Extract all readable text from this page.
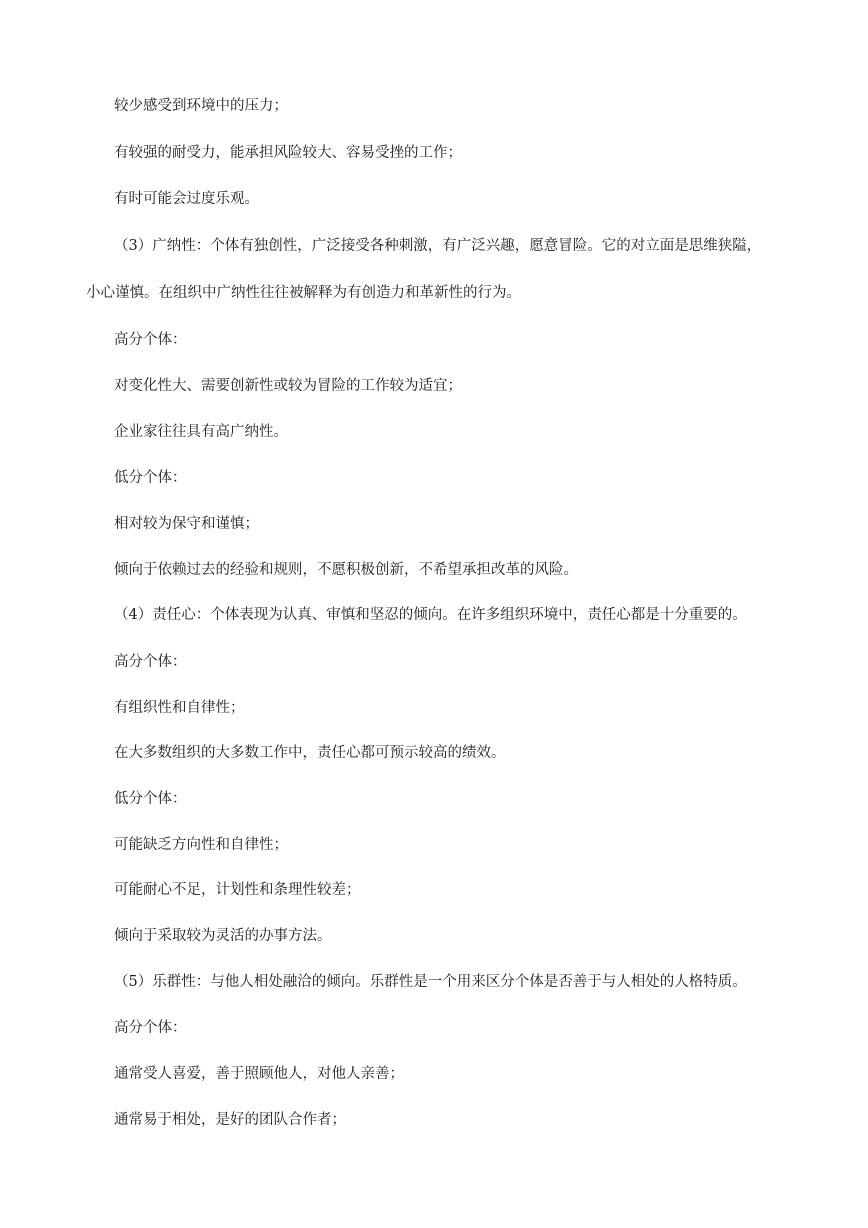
较少感受到环境中的压力；

有较强的耐受力，能承担风险较大、容易受挫的工作；

有时可能会过度乐观。

（3）广纳性：个体有独创性，广泛接受各种刺激，有广泛兴趣，愿意冒险。它的对立面是思维狭隘，

小心谨慎。在组织中广纳性往往被解释为有创造力和革新性的行为。

高分个体：

对变化性大、需要创新性或较为冒险的工作较为适宜；

企业家往往具有高广纳性。

低分个体：

相对较为保守和谨慎；

倾向于依赖过去的经验和规则，不愿积极创新，不希望承担改革的风险。

（4）责任心：个体表现为认真、审慎和坚忍的倾向。在许多组织环境中，责任心都是十分重要的。

高分个体：

有组织性和自律性；

在大多数组织的大多数工作中，责任心都可预示较高的绩效。

低分个体：

可能缺乏方向性和自律性；

可能耐心不足，计划性和条理性较差；

倾向于采取较为灵活的办事方法。

（5）乐群性：与他人相处融洽的倾向。乐群性是一个用来区分个体是否善于与人相处的人格特质。

高分个体：

通常受人喜爱，善于照顾他人，对他人亲善；

通常易于相处，是好的团队合作者；
